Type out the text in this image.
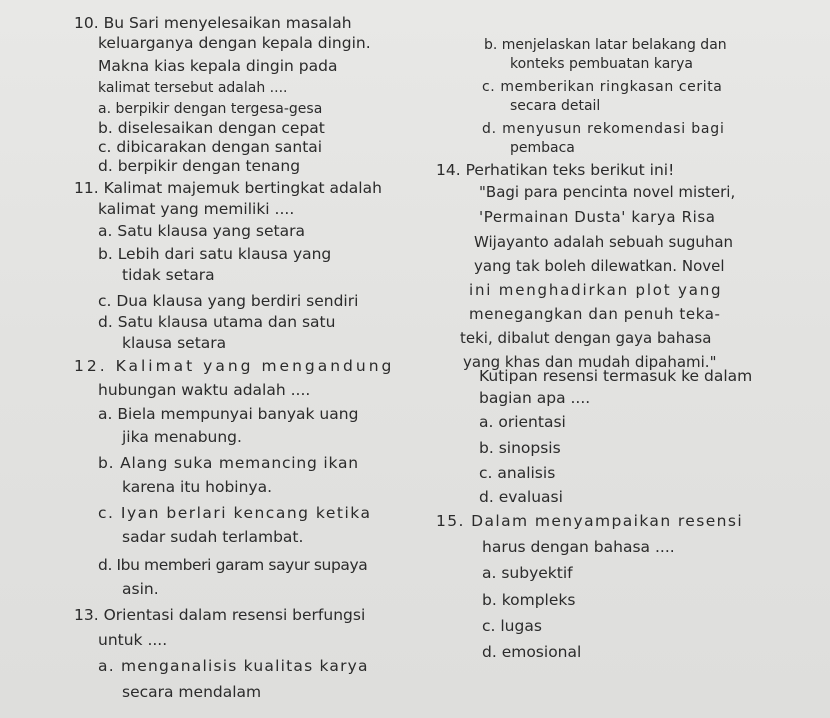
10. Bu Sari menyelesaikan masalah
keluarganya dengan kepala dingin.
Makna kias kepala dingin pada
kalimat tersebut adalah ....
a. berpikir dengan tergesa-gesa
b. diselesaikan dengan cepat
c. dibicarakan dengan santai
d. berpikir dengan tenang
11. Kalimat majemuk bertingkat adalah
kalimat yang memiliki ....
a. Satu klausa yang setara
b. Lebih dari satu klausa yang
tidak setara
c. Dua klausa yang berdiri sendiri
d. Satu klausa utama dan satu
klausa setara
12. Kalimat yang mengandung
hubungan waktu adalah ....
a. Biela mempunyai banyak uang
jika menabung.
b. Alang suka memancing ikan
karena itu hobinya.
c. Iyan berlari kencang ketika
sadar sudah terlambat.
d. Ibu memberi garam sayur supaya
asin.
13. Orientasi dalam resensi berfungsi
untuk ....
a. menganalisis kualitas karya
secara mendalam
b. menjelaskan latar belakang dan
konteks pembuatan karya
c. memberikan ringkasan cerita
secara detail
d. menyusun rekomendasi bagi
pembaca
14. Perhatikan teks berikut ini!
"Bagi para pencinta novel misteri,
'Permainan Dusta' karya Risa
Wijayanto adalah sebuah suguhan
yang tak boleh dilewatkan. Novel
ini menghadirkan plot yang
menegangkan dan penuh teka-
teki, dibalut dengan gaya bahasa
yang khas dan mudah dipahami."
Kutipan resensi termasuk ke dalam
bagian apa ....
a. orientasi
b. sinopsis
c. analisis
d. evaluasi
15. Dalam menyampaikan resensi
harus dengan bahasa ....
a. subyektif
b. kompleks
c. lugas
d. emosional
